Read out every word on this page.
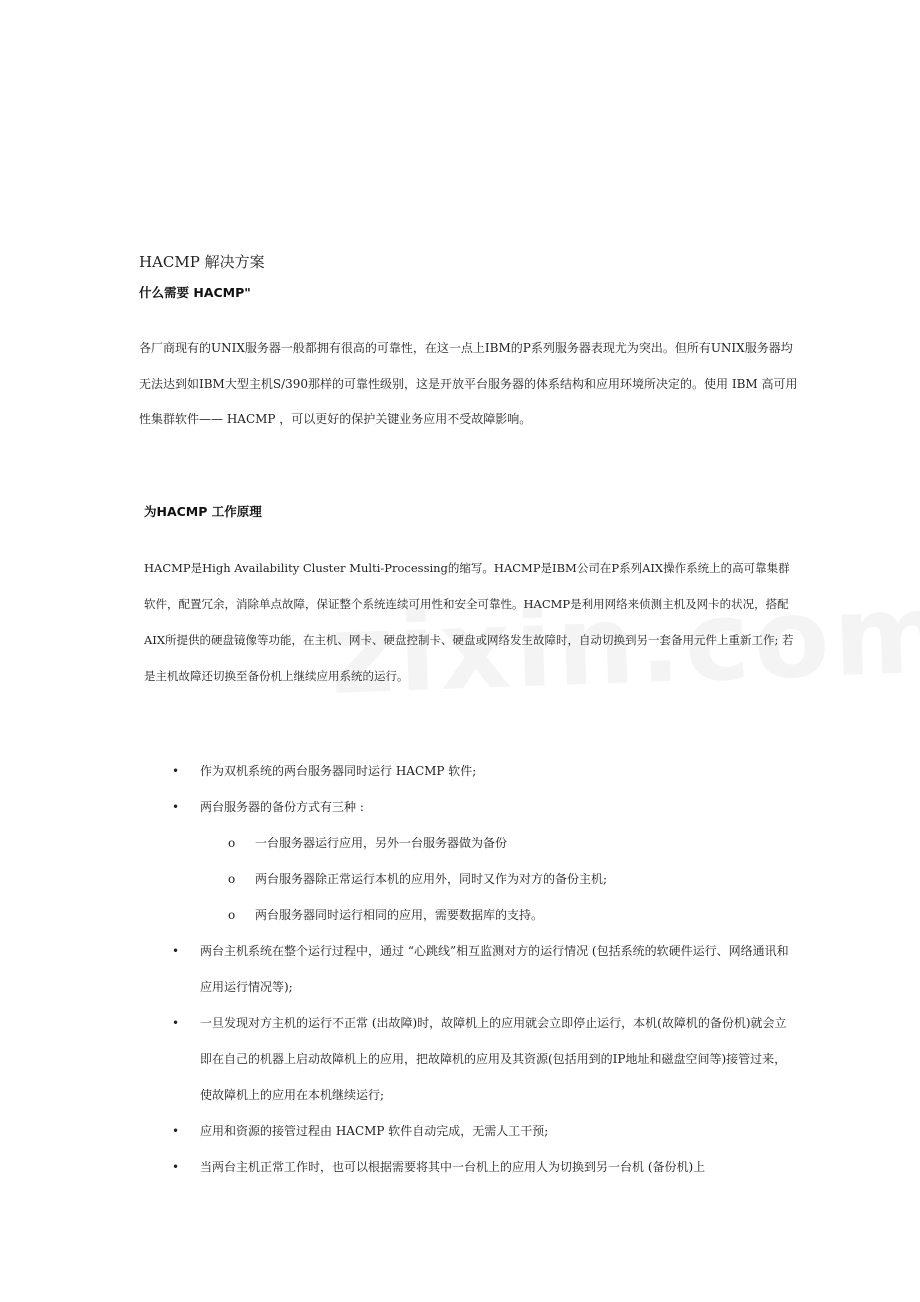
HACMP 解决方案

什么需要 HACMP"

各厂商现有的UNIX服务器一般都拥有很高的可靠性，在这一点上IBM的P系列服务器表现尤为突出。但所有UNIX服务器均无法达到如IBM大型主机S/390那样的可靠性级别，这是开放平台服务器的体系结构和应用环境所决定的。使用 IBM 高可用性集群软件—— HACMP ，可以更好的保护关键业务应用不受故障影响。

为HACMP 工作原理

HACMP是High Availability Cluster Multi-Processing的缩写。HACMP是IBM公司在P系列AIX操作系统上的高可靠集群软件，配置冗余，消除单点故障，保证整个系统连续可用性和安全可靠性。HACMP是利用网络来侦测主机及网卡的状况，搭配AIX所提供的硬盘镜像等功能，在主机、网卡、硬盘控制卡、硬盘或网络发生故障时，自动切换到另一套备用元件上重新工作; 若是主机故障还切换至备份机上继续应用系统的运行。

• 作为双机系统的两台服务器同时运行 HACMP 软件;
• 两台服务器的备份方式有三种 :
o 一台服务器运行应用，另外一台服务器做为备份
o 两台服务器除正常运行本机的应用外，同时又作为对方的备份主机;
o 两台服务器同时运行相同的应用，需要数据库的支持。
• 两台主机系统在整个运行过程中，通过 “心跳线”相互监测对方的运行情况 (包括系统的软硬件运行、网络通讯和应用运行情况等);
• 一旦发现对方主机的运行不正常 (出故障)时，故障机上的应用就会立即停止运行，本机(故障机的备份机)就会立即在自己的机器上启动故障机上的应用，把故障机的应用及其资源(包括用到的IP地址和磁盘空间等)接管过来，使故障机上的应用在本机继续运行;
• 应用和资源的接管过程由 HACMP 软件自动完成，无需人工干预;
• 当两台主机正常工作时，也可以根据需要将其中一台机上的应用人为切换到另一台机 (备份机)上
